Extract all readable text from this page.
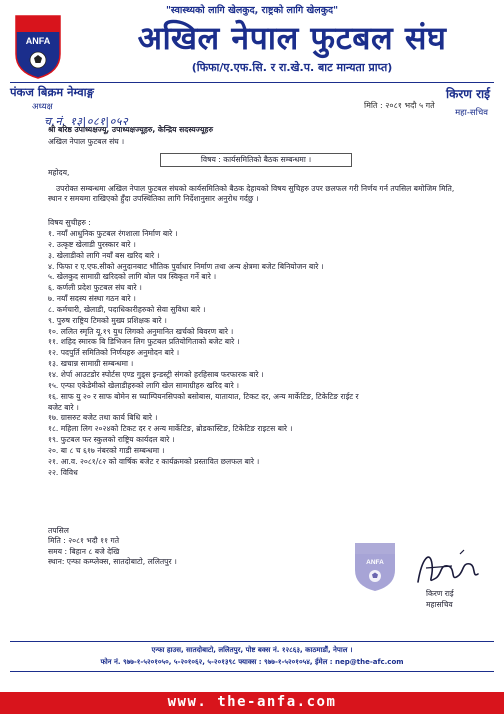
"स्वास्थ्यको लागि खेलकुद, राष्ट्रको लागि खेलकुद"
ANFA	अखिल नेपाल फुटबल संघ
(फिफा/ए.एफ.सि. र रा.खे.प. बाट मान्यता प्राप्त)
पंकज बिक्रम नेम्वाङ्ग
अध्यक्ष
किरण राई
महा-सचिव
मिति : २०८१ भदौ ५ गते
च.नं. १३|०८१|०५२
श्री बरिष्ठ उपाध्यक्षज्यू, उपाध्यक्षज्यूहरु, केन्द्रिय सदस्यज्यूहरु
अखिल नेपाल फुटबल संघ ।
विषय : कार्यसमितिको बैठक सम्बन्धमा ।
महोदय,
उपरोक्त सम्बन्धमा अखिल नेपाल फुटबल संघको कार्यसमितिको बैठक देहायको विषय सुचिहरु उपर छलफल गरी निर्णय गर्न तपसिल बमोजिम मिति, स्थान र समयमा राखिएको हुँदा उपस्थितिका लागि निर्देशानुसार अनुरोध गर्दछु ।
विषय सुचीहरु :
१. नयाँ आधुनिक फुटबल रंगशाला निर्माण बारे ।
२. उत्कृष्ट खेलाडी पुरस्कार बारे ।
३. खेलाडीको लागि नयाँ बस खरिद बारे ।
४. फिफा र ए.एफ.सीको अनुदानबाट भौतिक पुर्वाधार निर्माण तथा अन्य क्षेत्रमा बजेट बिनियोजन बारे ।
५. खेलकुद सामाग्री खरिदको लागि बोल पत्र स्विकृत गर्ने बारे ।
६. कर्णली प्रदेश फुटबल संघ बारे ।
७. नयाँ सदस्य संस्था गठन बारे ।
८. कर्मचारी, खेलाडी, पदाधिकारीहरुको सेवा सुविधा बारे ।
९. पुरुष राष्ट्रिय टिमको मुख्य प्रशिक्षक बारे ।
१०. ललित स्मृति यू.१९ युथ लिगको अनुमानित खर्चको बिवरण बारे ।
११. शहिद स्मारक बि डिभिजन लिग फुटबल प्रतियोगिताको बजेट बारे ।
१२. पदपुर्ति समितिको निर्णयहरु अनुमोदन बारे ।
१३. खचान्न सामाग्री सम्बन्धमा ।
१४. शेर्पा आउटडोर स्पोर्टस एण्ड गुड्स इन्डस्ट्री संगको हरहिसाब फरफारक बारे ।
१५. एन्फा एकेडेमीको खेलाडीहरुको लागि खेल सामाग्रीहरु खरिद बारे ।
१६. साफ यु २० र साफ बोमेन स च्याम्पियनसिपको बसोबास, यातायात, टिकट दर, अन्य मार्केटिङ, टिकेटिङ राईट र
बजेट बारे ।
१७. ग्रासरुट बजेट तथा कार्य बिधि बारे ।
१८. महिला लिग २०२४को टिकट दर र अन्य मार्केटिङ, ब्रोडकास्टिङ, टिकेटिङ राइटस बारे ।
१९. फुटबल फर स्कुलको राष्ट्रिय कार्यदल बारे ।
२०. बा ८ च ६१७ नंबरको गाडी सम्बन्धमा ।
२१. आ.व. २०८१/८२ को वार्षिक बजेट र कार्यक्रमको प्रस्तावित छलफल बारे ।
२२. विविध
तपसिल
मिति : २०८१ भदौ ११ गते
समय : बिहान ८ बजे देखि
स्थान: एन्फा कम्प्लेक्स, सातदोबाटो, ललितपुर ।	ANFA
किरण राई
महासचिव
एन्फा हाउस, सातदोबाटो, ललितपुर, पोष्ट बक्स नं. १२८६३, काठमाडौं, नेपाल ।
फोन नं. ९७७-१-५२०१०५०, ५-२०१०६२, ५-२०१३९८ फ्याक्स : ९७७-१-५२०१०५४, ईमेल : nep@the-afc.com
www. the-anfa.com
